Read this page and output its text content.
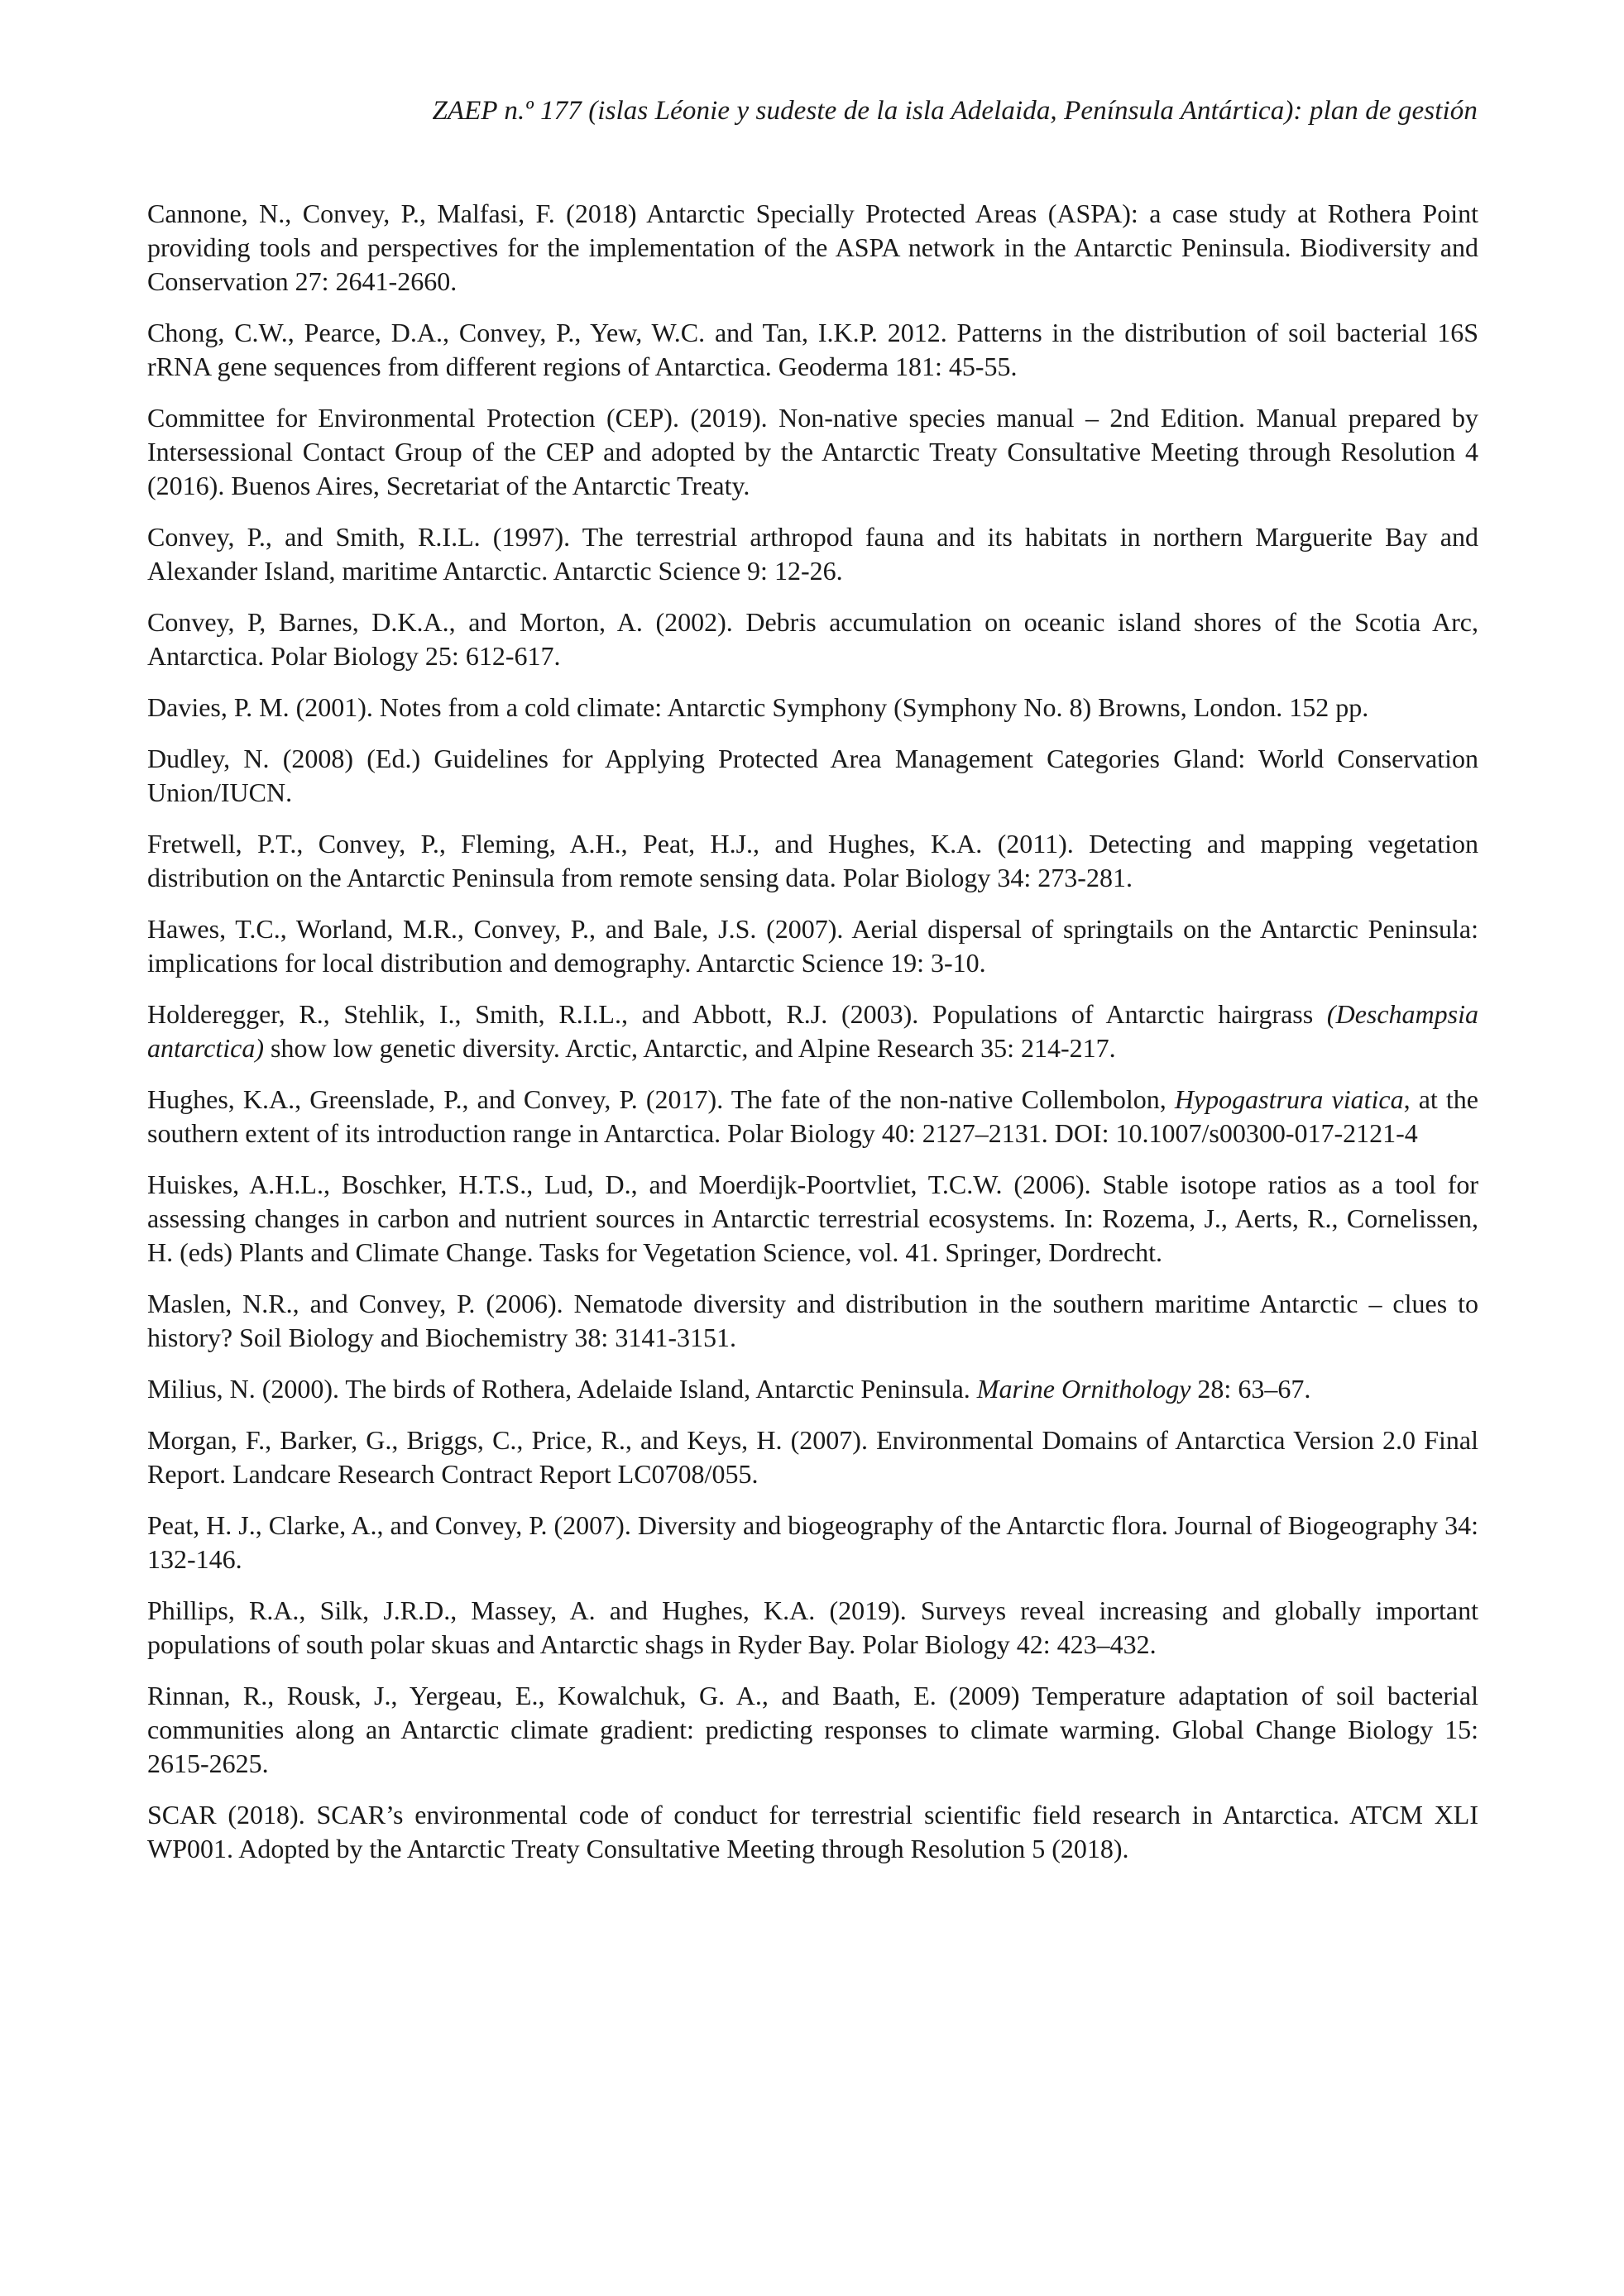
ZAEP n.º 177 (islas Léonie y sudeste de la isla Adelaida, Península Antártica): plan de gestión

Cannone, N., Convey, P., Malfasi, F. (2018) Antarctic Specially Protected Areas (ASPA): a case study at Rothera Point providing tools and perspectives for the implementation of the ASPA network in the Antarctic Peninsula. Biodiversity and Conservation 27: 2641-2660.

Chong, C.W., Pearce, D.A., Convey, P., Yew, W.C. and Tan, I.K.P. 2012. Patterns in the distribution of soil bacterial 16S rRNA gene sequences from different regions of Antarctica. Geoderma 181: 45-55.

Committee for Environmental Protection (CEP). (2019). Non-native species manual – 2nd Edition. Manual prepared by Intersessional Contact Group of the CEP and adopted by the Antarctic Treaty Consultative Meeting through Resolution 4 (2016). Buenos Aires, Secretariat of the Antarctic Treaty.

Convey, P., and Smith, R.I.L. (1997). The terrestrial arthropod fauna and its habitats in northern Marguerite Bay and Alexander Island, maritime Antarctic. Antarctic Science 9: 12-26.

Convey, P, Barnes, D.K.A., and Morton, A. (2002). Debris accumulation on oceanic island shores of the Scotia Arc, Antarctica. Polar Biology 25: 612-617.

Davies, P. M. (2001). Notes from a cold climate: Antarctic Symphony (Symphony No. 8) Browns, London. 152 pp.

Dudley, N. (2008) (Ed.) Guidelines for Applying Protected Area Management Categories Gland: World Conservation Union/IUCN.

Fretwell, P.T., Convey, P., Fleming, A.H., Peat, H.J., and Hughes, K.A. (2011). Detecting and mapping vegetation distribution on the Antarctic Peninsula from remote sensing data. Polar Biology 34: 273-281.

Hawes, T.C., Worland, M.R., Convey, P., and Bale, J.S. (2007). Aerial dispersal of springtails on the Antarctic Peninsula: implications for local distribution and demography. Antarctic Science 19: 3-10.

Holderegger, R., Stehlik, I., Smith, R.I.L., and Abbott, R.J. (2003). Populations of Antarctic hairgrass (Deschampsia antarctica) show low genetic diversity. Arctic, Antarctic, and Alpine Research 35: 214-217.

Hughes, K.A., Greenslade, P., and Convey, P. (2017). The fate of the non-native Collembolon, Hypogastrura viatica, at the southern extent of its introduction range in Antarctica. Polar Biology 40: 2127–2131. DOI: 10.1007/s00300-017-2121-4

Huiskes, A.H.L., Boschker, H.T.S., Lud, D., and Moerdijk-Poortvliet, T.C.W. (2006). Stable isotope ratios as a tool for assessing changes in carbon and nutrient sources in Antarctic terrestrial ecosystems. In: Rozema, J., Aerts, R., Cornelissen, H. (eds) Plants and Climate Change. Tasks for Vegetation Science, vol. 41. Springer, Dordrecht.

Maslen, N.R., and Convey, P. (2006). Nematode diversity and distribution in the southern maritime Antarctic – clues to history? Soil Biology and Biochemistry 38: 3141-3151.

Milius, N. (2000). The birds of Rothera, Adelaide Island, Antarctic Peninsula. Marine Ornithology 28: 63–67.

Morgan, F., Barker, G., Briggs, C., Price, R., and Keys, H. (2007). Environmental Domains of Antarctica Version 2.0 Final Report. Landcare Research Contract Report LC0708/055.

Peat, H. J., Clarke, A., and Convey, P. (2007). Diversity and biogeography of the Antarctic flora. Journal of Biogeography 34: 132-146.

Phillips, R.A., Silk, J.R.D., Massey, A. and Hughes, K.A. (2019). Surveys reveal increasing and globally important populations of south polar skuas and Antarctic shags in Ryder Bay. Polar Biology 42: 423–432.

Rinnan, R., Rousk, J., Yergeau, E., Kowalchuk, G. A., and Baath, E. (2009) Temperature adaptation of soil bacterial communities along an Antarctic climate gradient: predicting responses to climate warming. Global Change Biology 15: 2615-2625.

SCAR (2018). SCAR’s environmental code of conduct for terrestrial scientific field research in Antarctica. ATCM XLI WP001. Adopted by the Antarctic Treaty Consultative Meeting through Resolution 5 (2018).
